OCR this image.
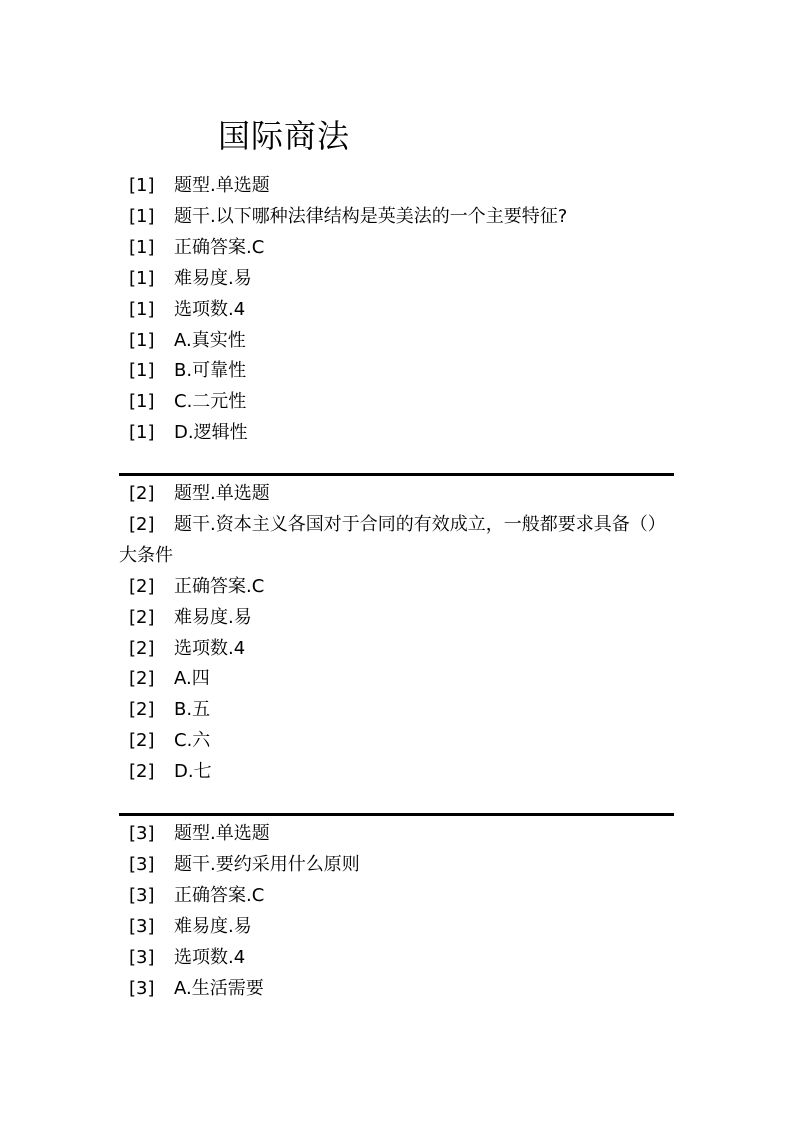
国际商法

[1] 题型.单选题

[1] 题干.以下哪种法律结构是英美法的一个主要特征?

[1] 正确答案.C

[1] 难易度.易

[1] 选项数.4

[1] A.真实性

[1] B.可靠性

[1] C.二元性

[1] D.逻辑性

[2] 题型.单选题

[2] 题干.资本主义各国对于合同的有效成立，一般都要求具备（）大条件

[2] 正确答案.C

[2] 难易度.易

[2] 选项数.4

[2] A.四

[2] B.五

[2] C.六

[2] D.七

[3] 题型.单选题

[3] 题干.要约采用什么原则

[3] 正确答案.C

[3] 难易度.易

[3] 选项数.4

[3] A.生活需要
